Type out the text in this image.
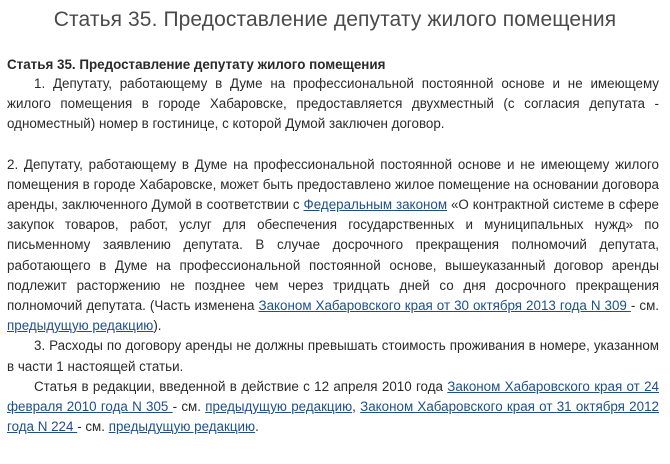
Статья 35. Предоставление депутату жилого помещения
Статья 35. Предоставление депутату жилого помещения

1. Депутату, работающему в Думе на профессиональной постоянной основе и не имеющему жилого помещения в городе Хабаровске, предоставляется двухместный (с согласия депутата - одноместный) номер в гостинице, с которой Думой заключен договор.

2. Депутату, работающему в Думе на профессиональной постоянной основе и не имеющему жилого помещения в городе Хабаровске, может быть предоставлено жилое помещение на основании договора аренды, заключенного Думой в соответствии с Федеральным законом «О контрактной системе в сфере закупок товаров, работ, услуг для обеспечения государственных и муниципальных нужд» по письменному заявлению депутата. В случае досрочного прекращения полномочий депутата, работающего в Думе на профессиональной постоянной основе, вышеуказанный договор аренды подлежит расторжению не позднее чем через тридцать дней со дня досрочного прекращения полномочий депутата. (Часть изменена Законом Хабаровского края от 30 октября 2013 года N 309 - см. предыдущую редакцию).

3. Расходы по договору аренды не должны превышать стоимость проживания в номере, указанном в части 1 настоящей статьи.

Статья в редакции, введенной в действие с 12 апреля 2010 года Законом Хабаровского края от 24 февраля 2010 года N 305 - см. предыдущую редакцию, Законом Хабаровского края от 31 октября 2012 года N 224 - см. предыдущую редакцию.
